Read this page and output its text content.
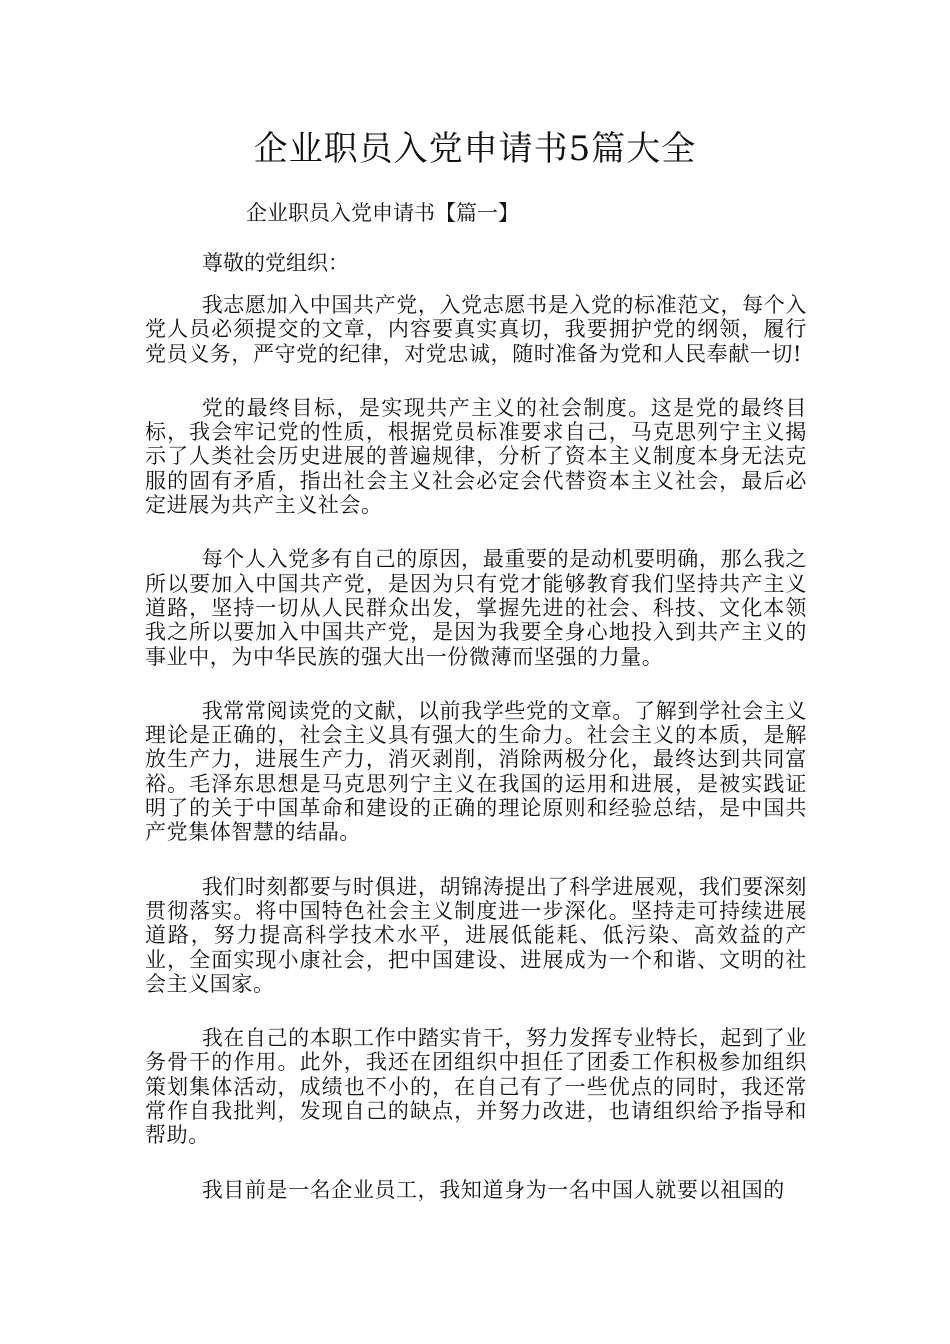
企业职员入党申请书5篇大全

企业职员入党申请书【篇一】

尊敬的党组织：

我志愿加入中国共产党，入党志愿书是入党的标准范文，每个入党人员必须提交的文章，内容要真实真切，我要拥护党的纲领，履行党员义务，严守党的纪律，对党忠诚，随时准备为党和人民奉献一切!

党的最终目标，是实现共产主义的社会制度。这是党的最终目标，我会牢记党的性质，根据党员标准要求自己，马克思列宁主义揭示了人类社会历史进展的普遍规律，分析了资本主义制度本身无法克服的固有矛盾，指出社会主义社会必定会代替资本主义社会，最后必定进展为共产主义社会。

每个人入党多有自己的原因，最重要的是动机要明确，那么我之所以要加入中国共产党，是因为只有党才能够教育我们坚持共产主义道路，坚持一切从人民群众出发，掌握先进的社会、科技、文化本领我之所以要加入中国共产党，是因为我要全身心地投入到共产主义的事业中，为中华民族的强大出一份微薄而坚强的力量。

我常常阅读党的文献，以前我学些党的文章。了解到学社会主义理论是正确的，社会主义具有强大的生命力。社会主义的本质，是解放生产力，进展生产力，消灭剥削，消除两极分化，最终达到共同富裕。毛泽东思想是马克思列宁主义在我国的运用和进展，是被实践证明了的关于中国革命和建设的正确的理论原则和经验总结，是中国共产党集体智慧的结晶。

我们时刻都要与时俱进，胡锦涛提出了科学进展观，我们要深刻贯彻落实。将中国特色社会主义制度进一步深化。坚持走可持续进展道路，努力提高科学技术水平，进展低能耗、低污染、高效益的产业，全面实现小康社会，把中国建设、进展成为一个和谐、文明的社会主义国家。

我在自己的本职工作中踏实肯干，努力发挥专业特长，起到了业务骨干的作用。此外，我还在团组织中担任了团委工作积极参加组织策划集体活动，成绩也不小的，在自己有了一些优点的同时，我还常常作自我批判，发现自己的缺点，并努力改进，也请组织给予指导和帮助。

我目前是一名企业员工，我知道身为一名中国人就要以祖国的
